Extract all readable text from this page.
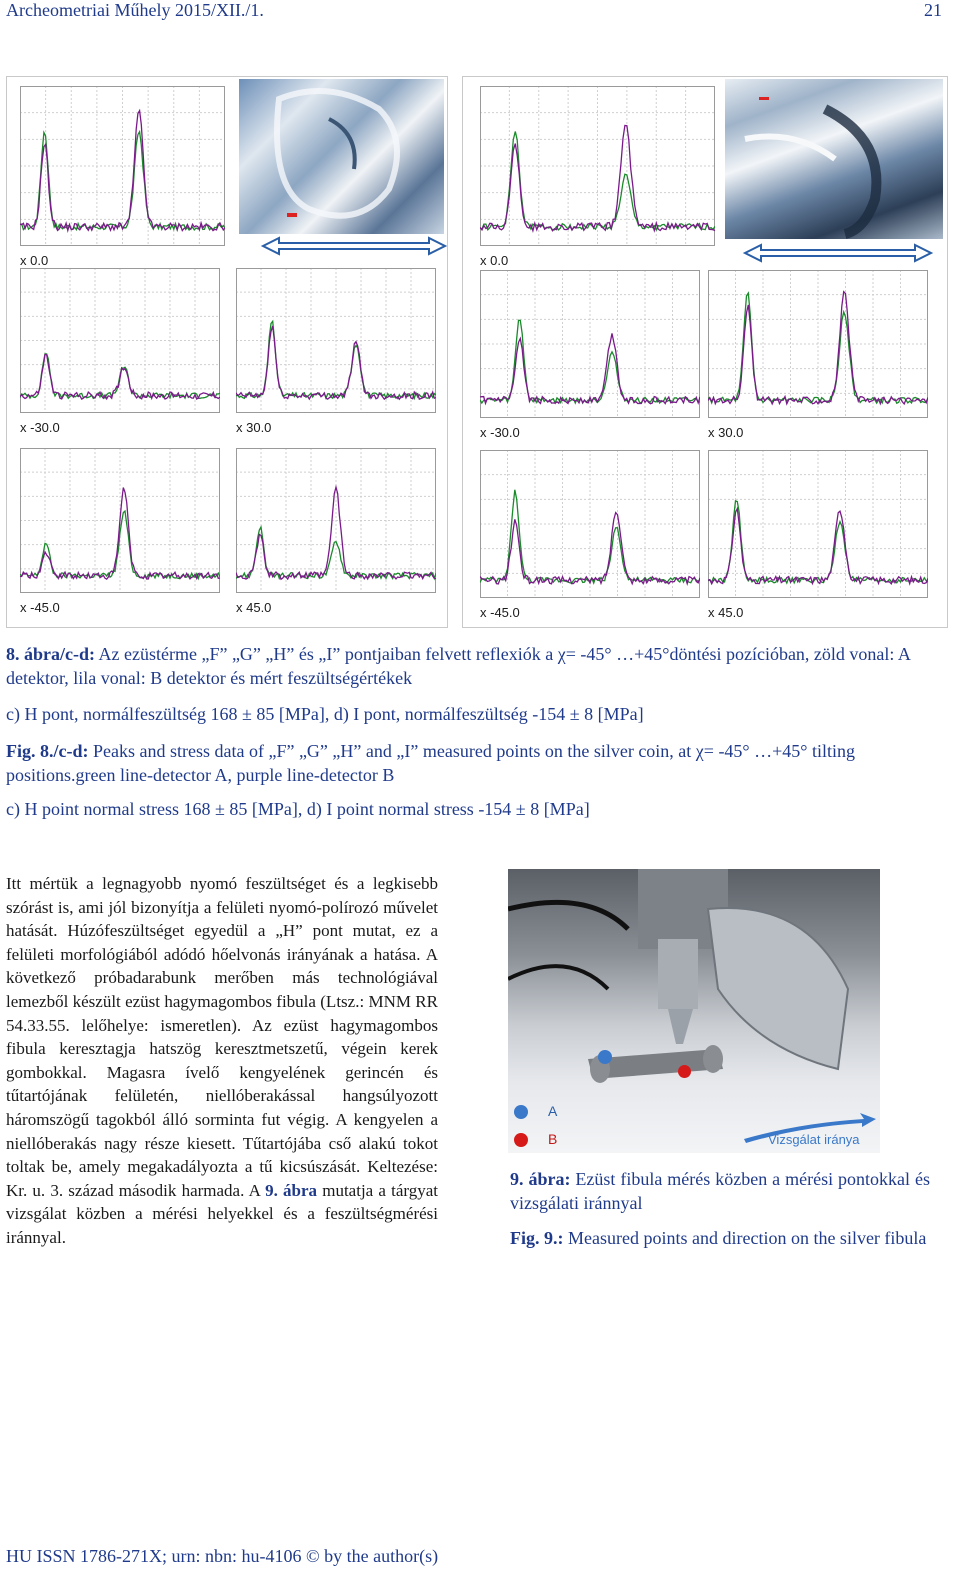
Archeometriai Műhely 2015/XII./1.	21
x 0.0
x -30.0	x 30.0
x -45.0	x 45.0
x 0.0
x -30.0	x 30.0
x -45.0	x 45.0
8. ábra/c-d: Az ezüstérme „F” „G” „H” és „I” pontjaiban felvett reflexiók a χ= -45° …+45°döntési pozícióban, zöld vonal: A detektor, lila vonal: B detektor és mért feszültségértékek
c) H pont, normálfeszültség 168 ± 85 [MPa], d) I pont, normálfeszültség -154 ± 8 [MPa]
Fig. 8./c-d: Peaks and stress data of „F” „G” „H” and „I” measured points on the silver coin, at χ= -45° …+45° tilting positions.green line-detector A, purple line-detector B
c) H point normal stress 168 ± 85 [MPa], d) I point normal stress -154 ± 8 [MPa]
Itt mértük a legnagyobb nyomó feszültséget és a legkisebb szórást is, ami jól bizonyítja a felületi nyomó-polírozó művelet hatását. Húzófeszültséget egyedül a „H” pont mutat, ez a felületi morfológiából adódó hőelvonás irányának a hatása. A következő próbadarabunk merőben más technológiával lemezből készült ezüst hagymagombos fibula (Ltsz.: MNM RR 54.33.55. lelőhelye: ismeretlen). Az ezüst hagymagombos fibula keresztagja hatszög keresztmetszetű, végein kerek gombokkal. Magasra ívelő kengyelének gerincén és tűtartójának felületén, niellóberakással hangsúlyozott háromszögű tagokból álló sorminta fut végig. A kengyelen a niellóberakás nagy része kiesett. Tűtartójába cső alakú tokot toltak be, amely megakadályozta a tű kicsúszását. Keltezése: Kr. u. 3. század második harmada. A 9. ábra mutatja a tárgyat vizsgálat közben a mérési helyekkel és a feszültségmérési iránnyal.
A
B	Vizsgálat iránya
9. ábra: Ezüst fibula mérés közben a mérési pontokkal és vizsgálati iránnyal
Fig. 9.: Measured points and direction on the silver fibula
HU ISSN 1786-271X; urn: nbn: hu-4106 © by the author(s)
